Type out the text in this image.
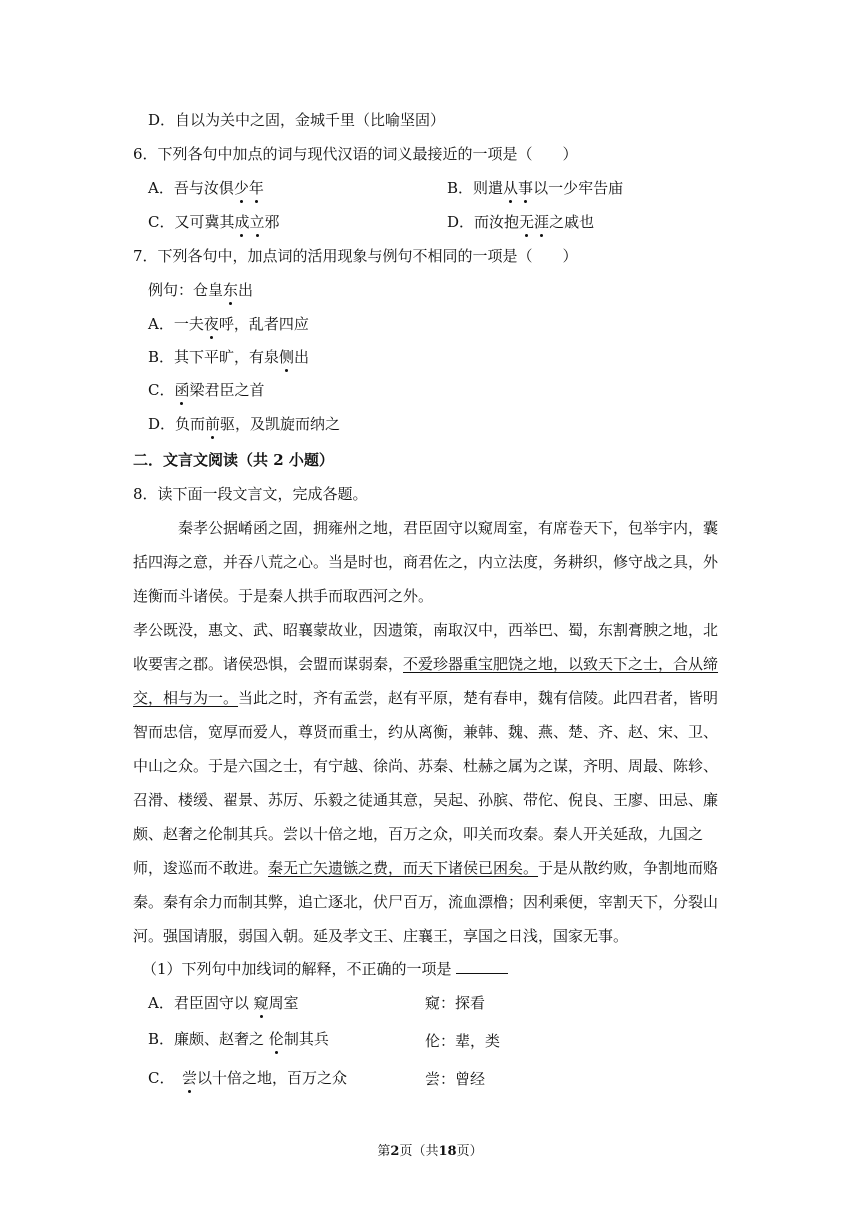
D．自以为关中之固，金城千里（比喻坚固）
6．下列各句中加点的词与现代汉语的词义最接近的一项是（　　）
A．吾与汝俱少年	B．则遣从事以一少牢告庙
C．又可冀其成立邪	D．而汝抱无涯之戚也
7．下列各句中，加点词的活用现象与例句不相同的一项是（　　）
例句：仓皇东出
A．一夫夜呼，乱者四应
B．其下平旷，有泉侧出
C．函梁君臣之首
D．负而前驱，及凯旋而纳之
二．文言文阅读（共 2 小题）
8．读下面一段文言文，完成各题。
秦孝公据崤函之固，拥雍州之地，君臣固守以窥周室，有席卷天下，包举宇内，囊括四海之意，并吞八荒之心。当是时也，商君佐之，内立法度，务耕织，修守战之具，外连衡而斗诸侯。于是秦人拱手而取西河之外。
孝公既没，惠文、武、昭襄蒙故业，因遗策，南取汉中，西举巴、蜀，东割膏腴之地，北收要害之郡。诸侯恐惧，会盟而谋弱秦，不爱珍器重宝肥饶之地，以致天下之士，合从缔交，相与为一。当此之时，齐有孟尝，赵有平原，楚有春申，魏有信陵。此四君者，皆明智而忠信，宽厚而爱人，尊贤而重士，约从离衡，兼韩、魏、燕、楚、齐、赵、宋、卫、中山之众。于是六国之士，有宁越、徐尚、苏秦、杜赫之属为之谋，齐明、周最、陈轸、召滑、楼缓、翟景、苏厉、乐毅之徒通其意，吴起、孙膑、带佗、倪良、王廖、田忌、廉颇、赵奢之伦制其兵。尝以十倍之地，百万之众，叩关而攻秦。秦人开关延敌，九国之师，逡巡而不敢进。秦无亡矢遗镞之费，而天下诸侯已困矣。于是从散约败，争割地而赂秦。秦有余力而制其弊，追亡逐北，伏尸百万，流血漂橹；因利乘便，宰割天下，分裂山河。强国请服，弱国入朝。延及孝文王、庄襄王，享国之日浅，国家无事。
（1）下列句中加线词的解释，不正确的一项是
A．君臣固守以 窥周室	窥：探看
B．廉颇、赵奢之 伦制其兵	伦：辈，类
C．　尝以十倍之地，百万之众	尝：曾经
第2页（共18页）
